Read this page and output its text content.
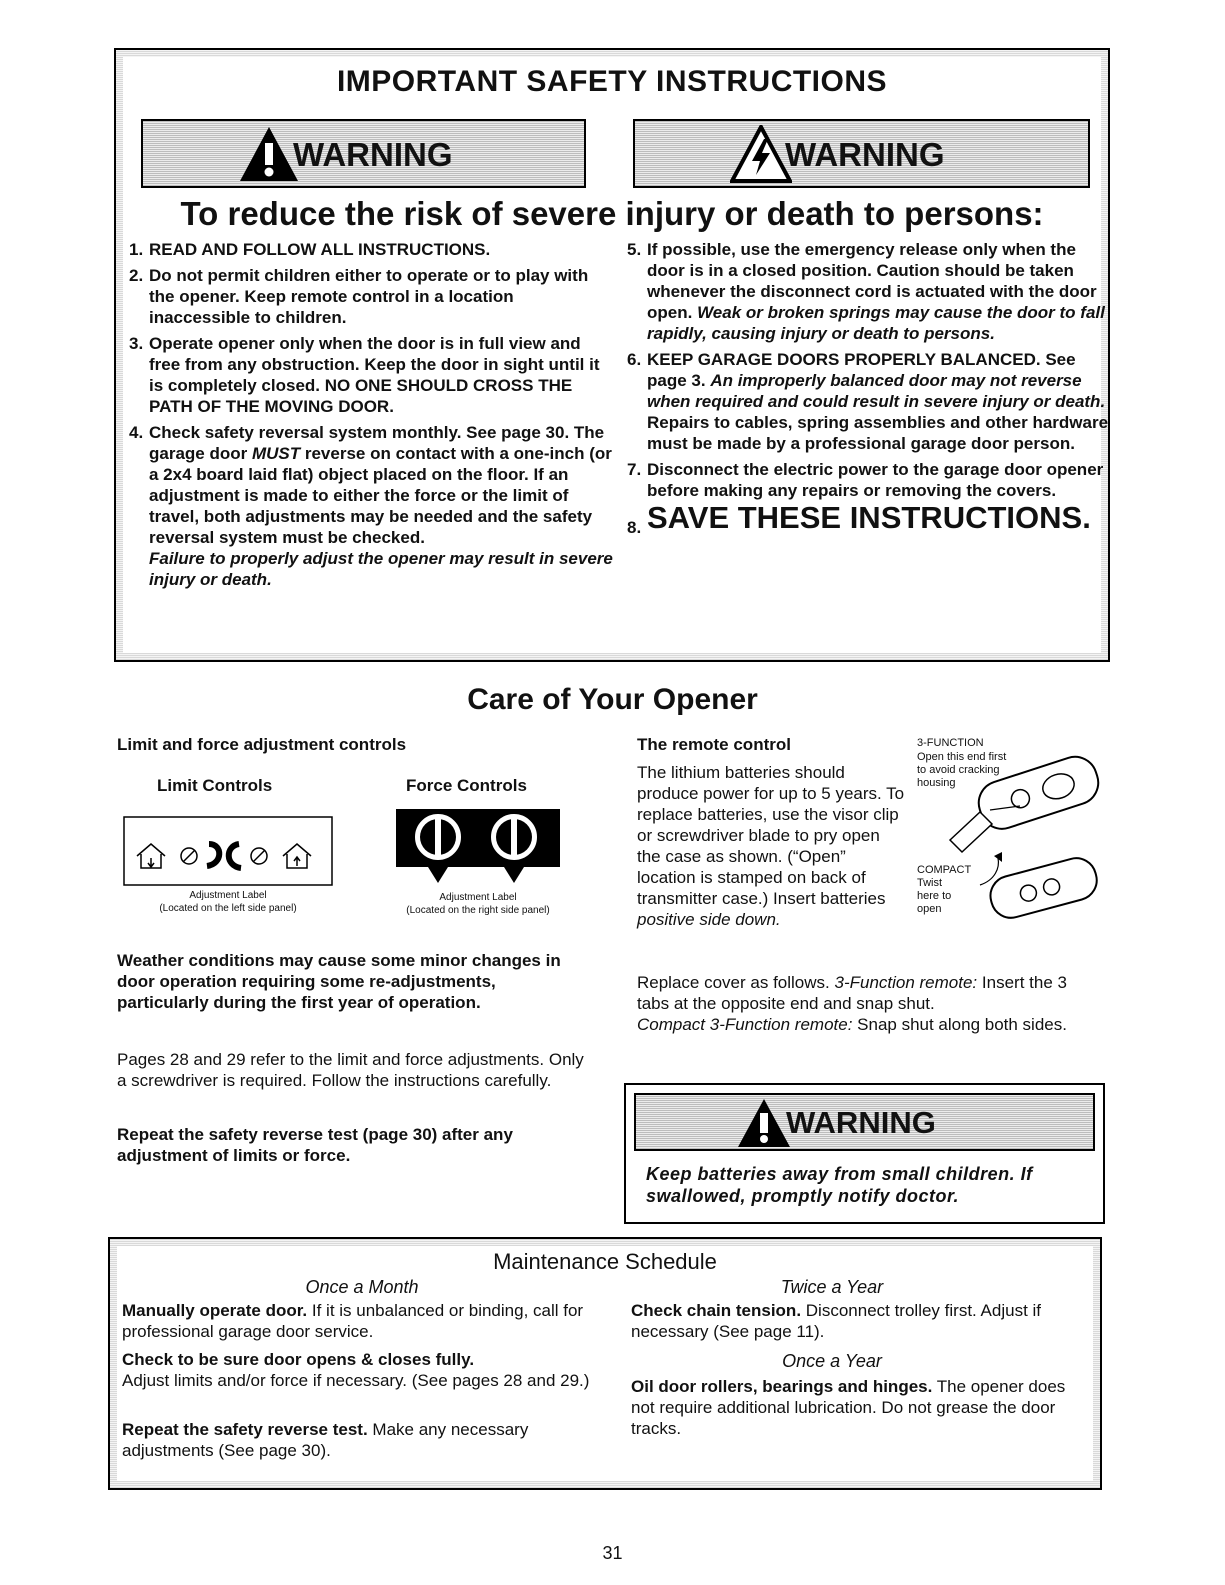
IMPORTANT SAFETY INSTRUCTIONS
WARNING	WARNING
To reduce the risk of severe injury or death to persons:
1. READ AND FOLLOW ALL INSTRUCTIONS.
2. Do not permit children either to operate or to play with the opener. Keep remote control in a location inaccessible to children.
3. Operate opener only when the door is in full view and free from any obstruction. Keep the door in sight until it is completely closed. NO ONE SHOULD CROSS THE PATH OF THE MOVING DOOR.
4. Check safety reversal system monthly. See page 30. The garage door MUST reverse on contact with a one-inch (or a 2x4 board laid flat) object placed on the floor. If an adjustment is made to either the force or the limit of travel, both adjustments may be needed and the safety reversal system must be checked.
Failure to properly adjust the opener may result in severe injury or death.
5. If possible, use the emergency release only when the door is in a closed position. Caution should be taken whenever the disconnect cord is actuated with the door open. Weak or broken springs may cause the door to fall rapidly, causing injury or death to persons.
6. KEEP GARAGE DOORS PROPERLY BALANCED. See page 3. An improperly balanced door may not reverse when required and could result in severe injury or death. Repairs to cables, spring assemblies and other hardware must be made by a professional garage door person.
7. Disconnect the electric power to the garage door opener before making any repairs or removing the covers.
8. SAVE THESE INSTRUCTIONS.
Care of Your Opener
Limit and force adjustment controls
Limit Controls	Force Controls
Adjustment Label
(Located on the left side panel)
Adjustment Label
(Located on the right side panel)
Weather conditions may cause some minor changes in door operation requiring some re-adjustments, particularly during the first year of operation.
Pages 28 and 29 refer to the limit and force adjustments. Only a screwdriver is required. Follow the instructions carefully.
Repeat the safety reverse test (page 30) after any adjustment of limits or force.
The remote control
The lithium batteries should produce power for up to 5 years. To replace batteries, use the visor clip or screwdriver blade to pry open the case as shown. (“Open” location is stamped on back of transmitter case.) Insert batteries positive side down.
3-FUNCTION
Open this end first to avoid cracking housing
COMPACT
Twist here to open
Replace cover as follows. 3-Function remote: Insert the 3 tabs at the opposite end and snap shut.
Compact 3-Function remote: Snap shut along both sides.
WARNING
Keep batteries away from small children. If swallowed, promptly notify doctor.
Maintenance Schedule
Once a Month
Manually operate door. If it is unbalanced or binding, call for professional garage door service.
Check to be sure door opens & closes fully.
Adjust limits and/or force if necessary. (See pages 28 and 29.)
Repeat the safety reverse test. Make any necessary adjustments (See page 30).
Twice a Year
Check chain tension. Disconnect trolley first. Adjust if necessary (See page 11).
Once a Year
Oil door rollers, bearings and hinges. The opener does not require additional lubrication. Do not grease the door tracks.
31
